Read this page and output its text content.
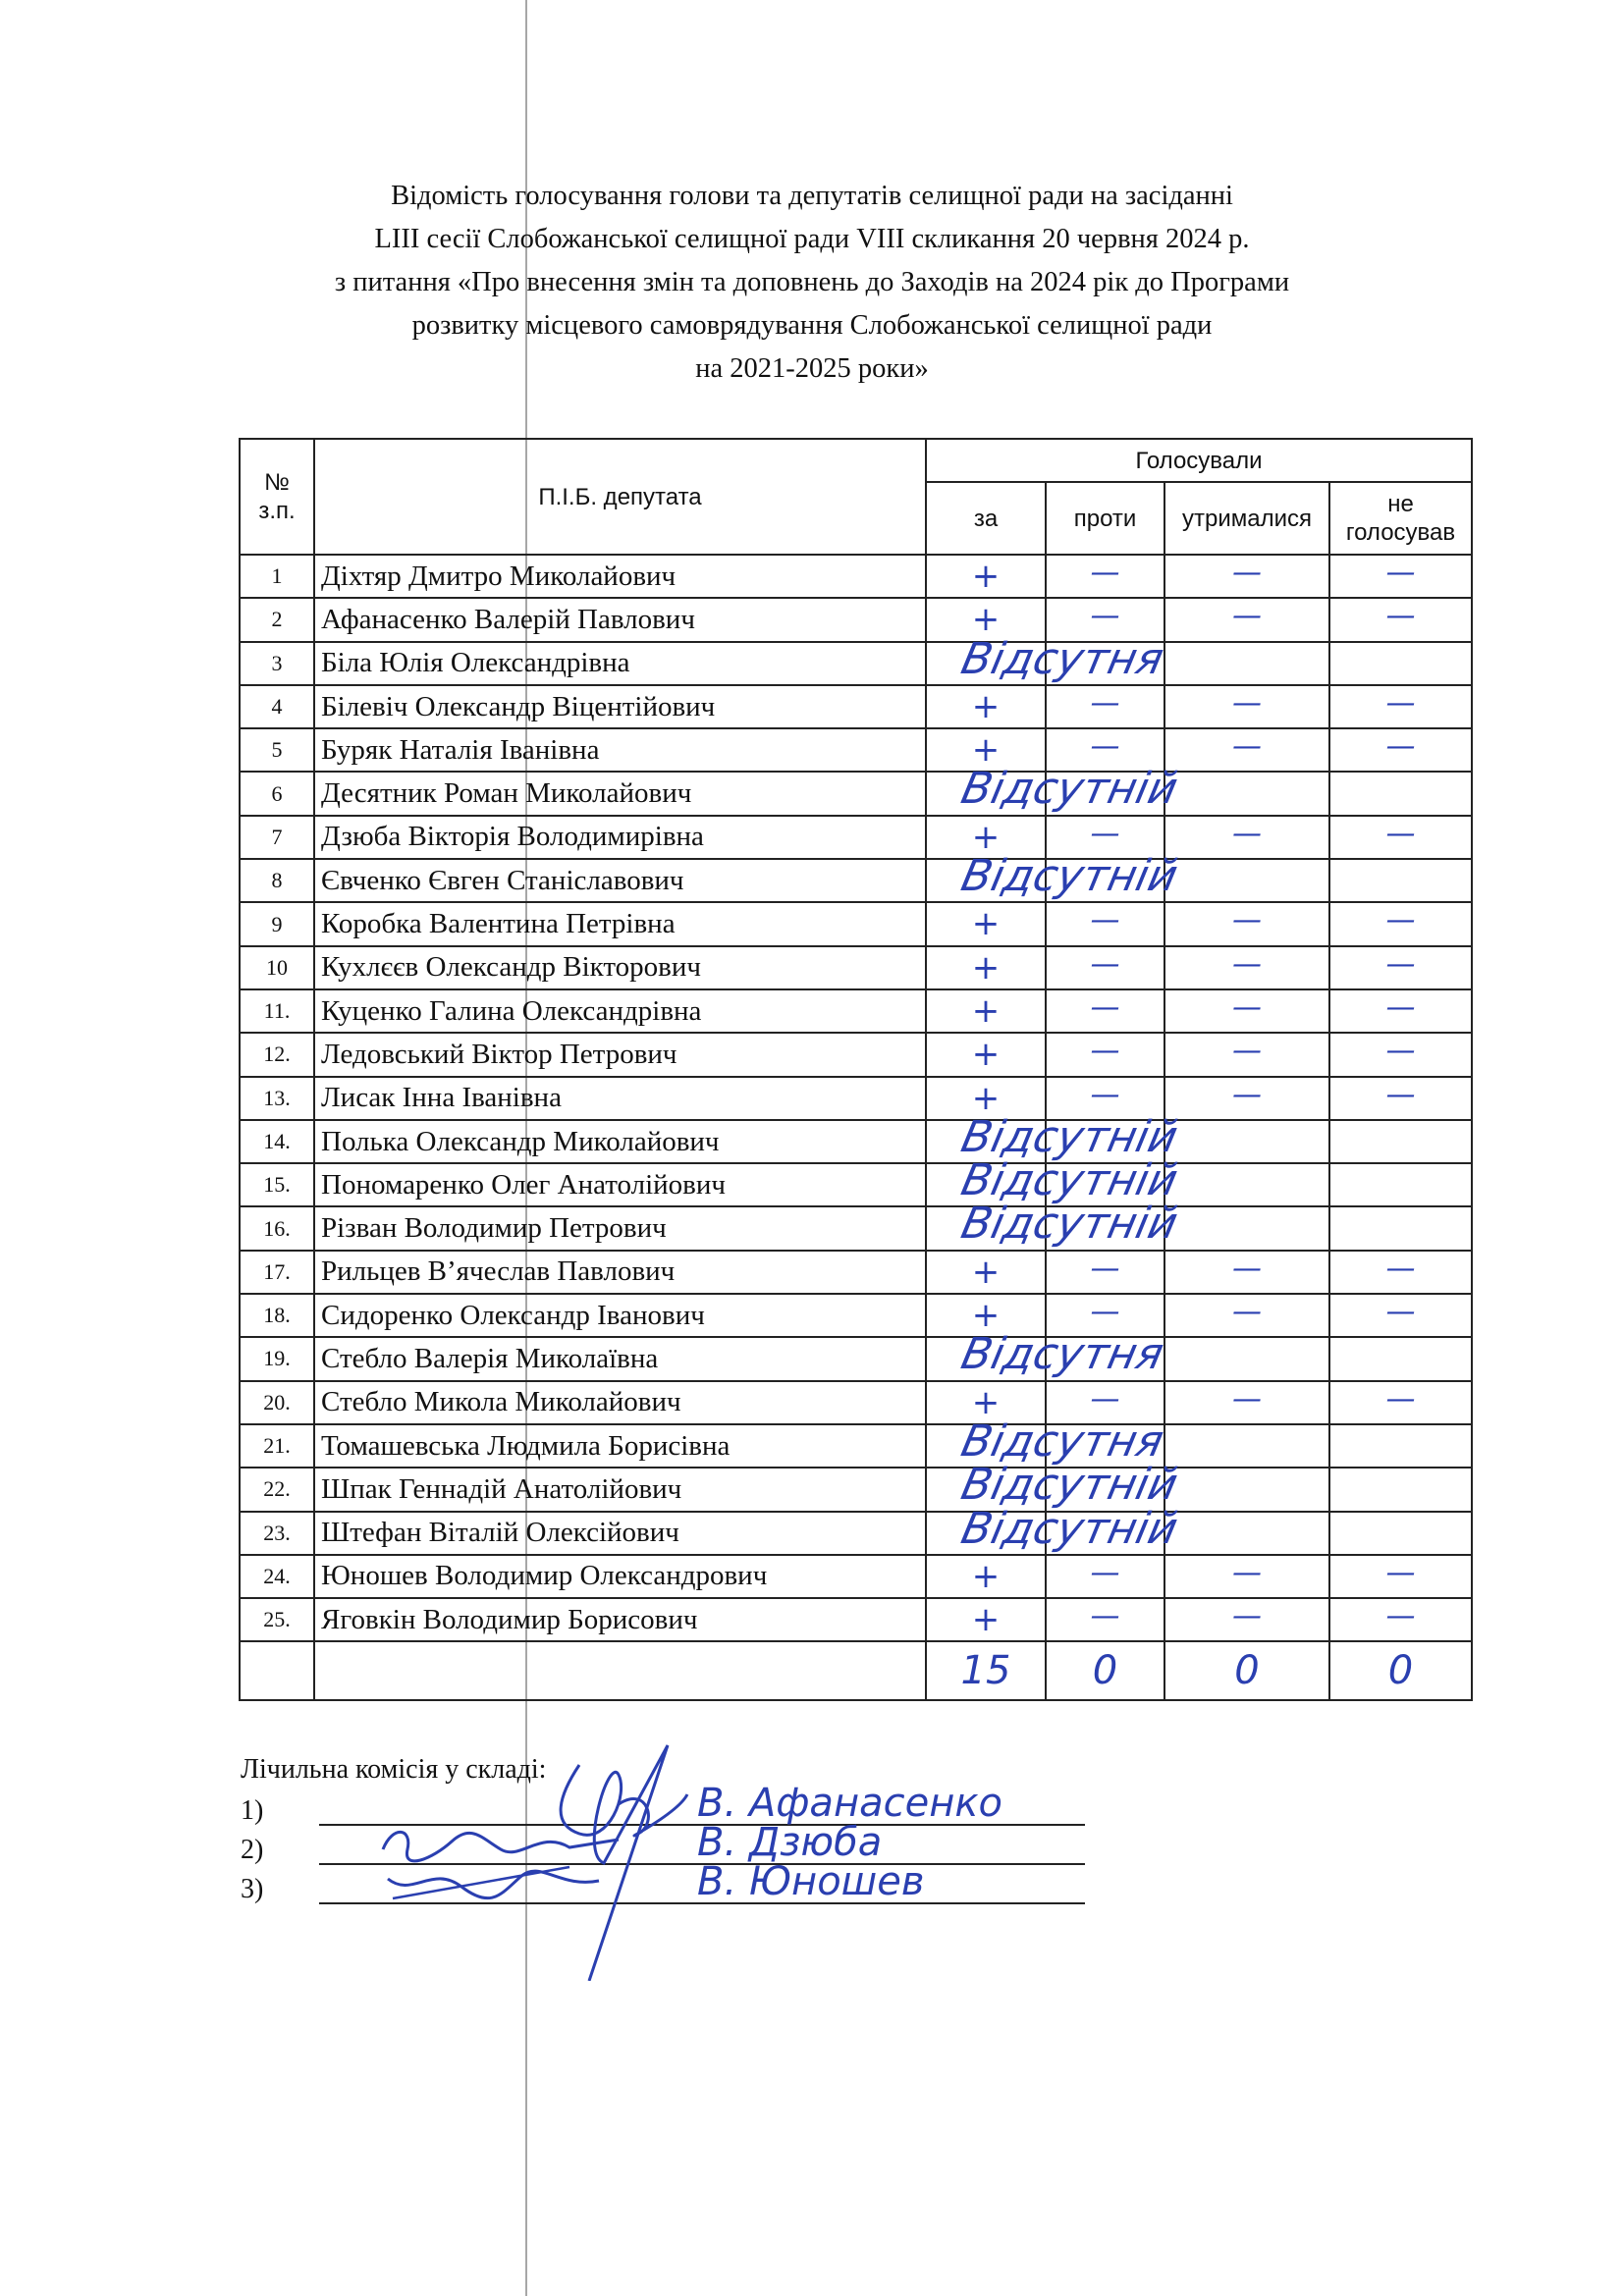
Відомість голосування голови та депутатів селищної ради на засіданні
LIII сесії Слобожанської селищної ради VIII скликання 20 червня 2024 р.
з питання «Про внесення змін та доповнень до Заходів на 2024 рік до Програми
розвитку місцевого самоврядування Слобожанської селищної ради
на 2021-2025 роки»
№
з.п.	П.І.Б. депутата	Голосували			
		за	проти	утрималися	не голосував
1	Діхтяр Дмитро Миколайович	+	—	—	—

2	Афанасенко Валерій Павлович	+	—	—	—

3	Біла Юлія Олександрівна	Відсутня			

4	Білевіч Олександр Віцентійович	+	—	—	—

5	Буряк Наталія Іванівна	+	—	—	—

6	Десятник Роман Миколайович	Відсутній			

7	Дзюба Вікторія Володимирівна	+	—	—	—

8	Євченко Євген Станіславович	Відсутній			

9	Коробка Валентина Петрівна	+	—	—	—

10	Кухлєєв Олександр Вікторович	+	—	—	—

11.	Куценко Галина Олександрівна	+	—	—	—

12.	Ледовський Віктор Петрович	+	—	—	—

13.	Лисак Інна Іванівна	+	—	—	—

14.	Полька Олександр Миколайович	Відсутній			

15.	Пономаренко Олег Анатолійович	Відсутній			

16.	Різван Володимир Петрович	Відсутній			

17.	Рильцев В’ячеслав Павлович	+	—	—	—

18.	Сидоренко Олександр Іванович	+	—	—	—

19.	Стебло Валерія Миколаївна	Відсутня			

20.	Стебло Микола Миколайович	+	—	—	—

21.	Томашевська Людмила Борисівна	Відсутня			

22.	Шпак Геннадій Анатолійович	Відсутній			

23.	Штефан Віталій Олексійович	Відсутній			

24.	Юношев Володимир Олександрович	+	—	—	—

25.	Яговкін Володимир Борисович	+	—	—	—

		15	0	0	0
Лічильна комісія у складі:
1)	В. Афанасенко
2)	В. Дзюба
3)	В. Юношев
